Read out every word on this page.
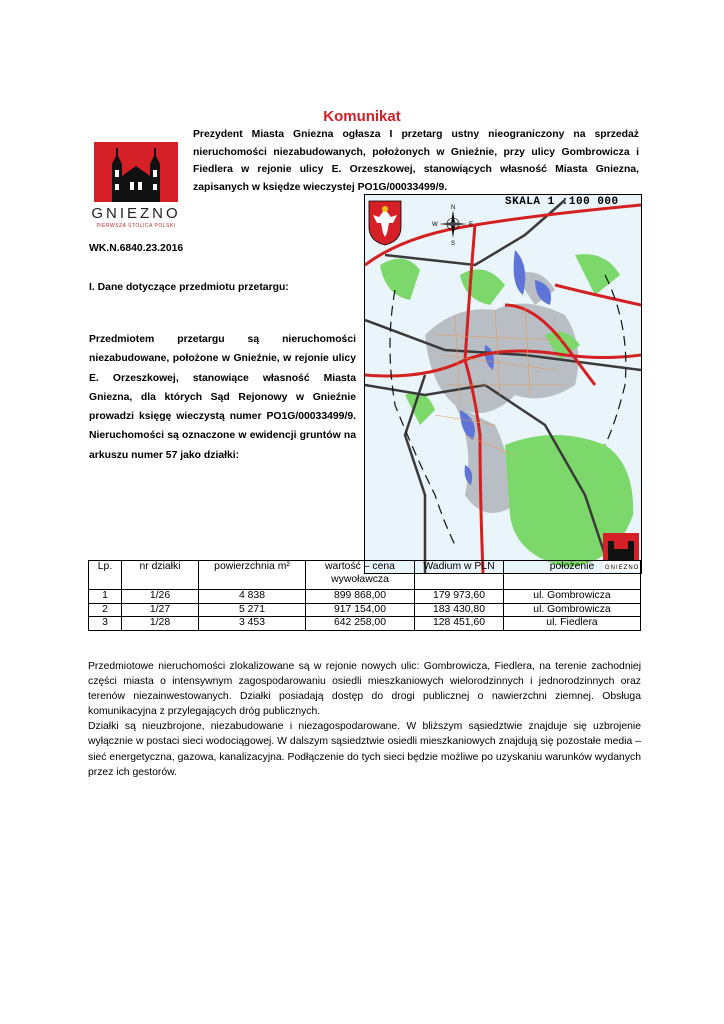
Komunikat
GNIEZNO
PIERWSZA STOLICA POLSKI
Prezydent Miasta Gniezna ogłasza I przetarg ustny nieograniczony na sprzedaż nieruchomości niezabudowanych, położonych w Gnieźnie, przy ulicy Gombrowicza i Fiedlera w rejonie ulicy E. Orzeszkowej, stanowiących własność Miasta Gniezna, zapisanych w księdze wieczystej PO1G/00033499/9.
WK.N.6840.23.2016
I. Dane dotyczące przedmiotu przetargu:
Przedmiotem przetargu są nieruchomości niezabudowane, położone w Gnieźnie, w rejonie ulicy E. Orzeszkowej, stanowiące własność Miasta Gniezna, dla których Sąd Rejonowy w Gnieźnie prowadzi księgę wieczystą numer PO1G/00033499/9. Nieruchomości są oznaczone w ewidencji gruntów na arkuszu numer 57 jako działki:
N
S
W	E
GNIEZNO
SKALA 1 :100 000
Lp.	nr działki	powierzchnia m²	wartość – cena wywoławcza	Wadium w PLN	położenie
1	1/26	4 838	899 868,00	179 973,60	ul. Gombrowicza
2	1/27	5 271	917 154,00	183 430,80	ul. Gombrowicza
3	1/28	3 453	642 258,00	128 451,60	ul. Fiedlera

Przedmiotowe nieruchomości zlokalizowane są w rejonie nowych ulic: Gombrowicza, Fiedlera, na terenie zachodniej części miasta o intensywnym zagospodarowaniu osiedli mieszkaniowych wielorodzinnych i jednorodzinnych oraz terenów niezainwestowanych. Działki posiadają dostęp do drogi publicznej o nawierzchni ziemnej. Obsługa komunikacyjna z przylegających dróg publicznych.

Działki są nieuzbrojone, niezabudowane i niezagospodarowane. W bliższym sąsiedztwie znajduje się uzbrojenie wyłącznie w postaci sieci wodociągowej. W dalszym sąsiedztwie osiedli mieszkaniowych znajdują się pozostałe media – sieć energetyczna, gazowa, kanalizacyjna. Podłączenie do tych sieci będzie możliwe po uzyskaniu warunków wydanych przez ich gestorów.
